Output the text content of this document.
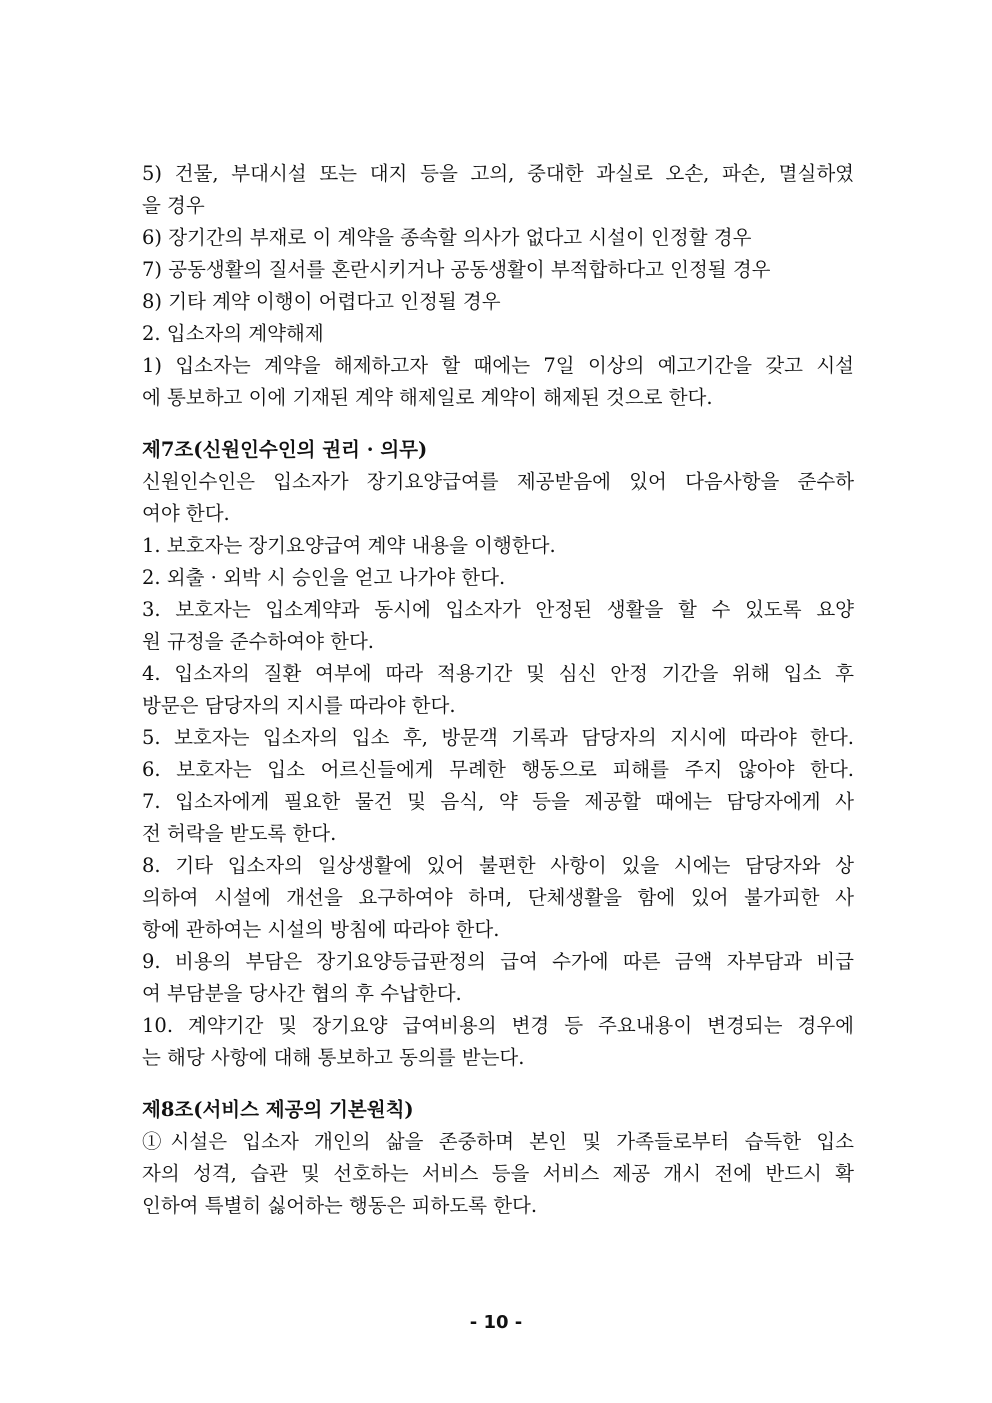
5) 건물, 부대시설 또는 대지 등을 고의, 중대한 과실로 오손, 파손, 멸실하였
을 경우
6) 장기간의 부재로 이 계약을 종속할 의사가 없다고 시설이 인정할 경우
7) 공동생활의 질서를 혼란시키거나 공동생활이 부적합하다고 인정될 경우
8) 기타 계약 이행이 어렵다고 인정될 경우
2. 입소자의 계약해제
1) 입소자는 계약을 해제하고자 할 때에는 7일 이상의 예고기간을 갖고 시설
에 통보하고 이에 기재된 계약 해제일로 계약이 해제된 것으로 한다.
제7조(신원인수인의 권리 · 의무)
신원인수인은 입소자가 장기요양급여를 제공받음에 있어 다음사항을 준수하
여야 한다.
1. 보호자는 장기요양급여 계약 내용을 이행한다.
2. 외출 · 외박 시 승인을 얻고 나가야 한다.
3. 보호자는 입소계약과 동시에 입소자가 안정된 생활을 할 수 있도록 요양
원 규정을 준수하여야 한다.
4. 입소자의 질환 여부에 따라 적용기간 및 심신 안정 기간을 위해 입소 후
방문은 담당자의 지시를 따라야 한다.
5. 보호자는 입소자의 입소 후, 방문객 기록과 담당자의 지시에 따라야 한다.
6. 보호자는 입소 어르신들에게 무례한 행동으로 피해를 주지 않아야 한다.
7. 입소자에게 필요한 물건 및 음식, 약 등을 제공할 때에는 담당자에게 사
전 허락을 받도록 한다.
8. 기타 입소자의 일상생활에 있어 불편한 사항이 있을 시에는 담당자와 상
의하여 시설에 개선을 요구하여야 하며, 단체생활을 함에 있어 불가피한 사
항에 관하여는 시설의 방침에 따라야 한다.
9. 비용의 부담은 장기요양등급판정의 급여 수가에 따른 금액 자부담과 비급
여 부담분을 당사간 협의 후 수납한다.
10. 계약기간 및 장기요양 급여비용의 변경 등 주요내용이 변경되는 경우에
는 해당 사항에 대해 통보하고 동의를 받는다.
제8조(서비스 제공의 기본원칙)
①시설은 입소자 개인의 삶을 존중하며 본인 및 가족들로부터 습득한 입소
자의 성격, 습관 및 선호하는 서비스 등을 서비스 제공 개시 전에 반드시 확
인하여 특별히 싫어하는 행동은 피하도록 한다.
- 10 -
